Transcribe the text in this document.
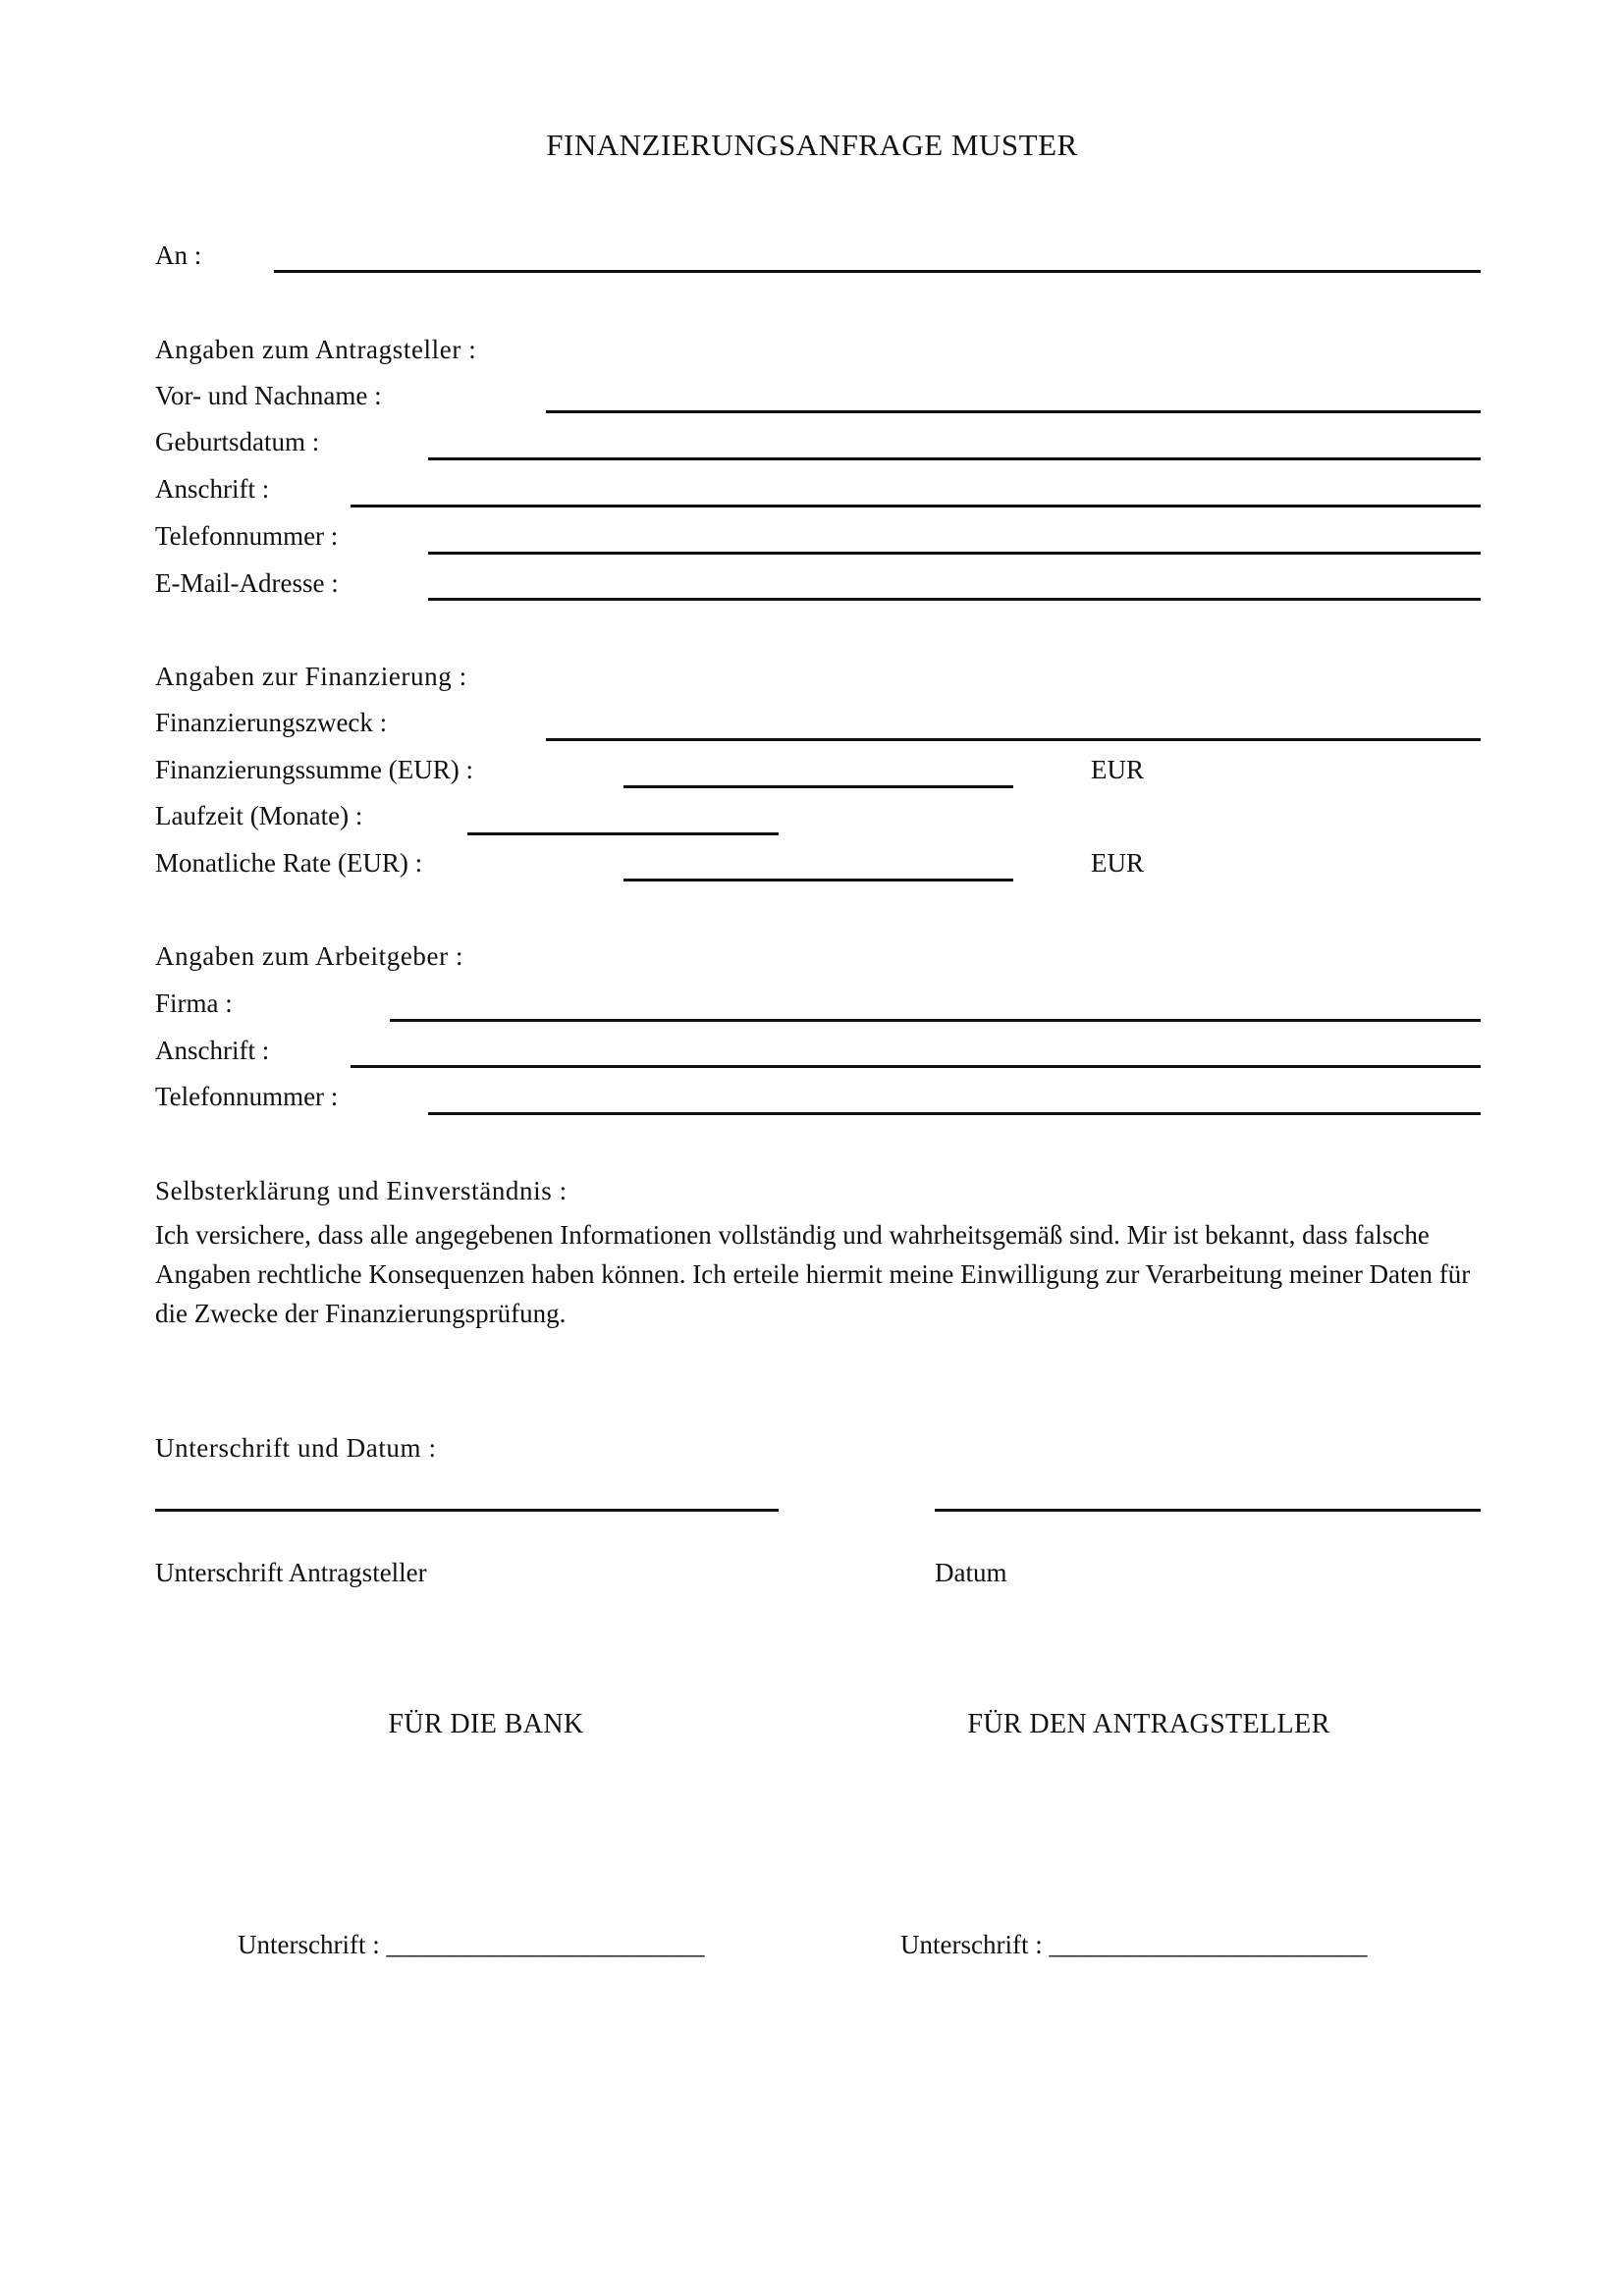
FINANZIERUNGSANFRAGE MUSTER
An :
Angaben zum Antragsteller :
Vor- und Nachname :
Geburtsdatum :
Anschrift :
Telefonnummer :
E-Mail-Adresse :
Angaben zur Finanzierung :
Finanzierungszweck :
Finanzierungssumme (EUR) :	EUR
Laufzeit (Monate) :
Monatliche Rate (EUR) :	EUR
Angaben zum Arbeitgeber :
Firma :
Anschrift :
Telefonnummer :
Selbsterklärung und Einverständnis :
Ich versichere, dass alle angegebenen Informationen vollständig und wahrheitsgemäß sind. Mir ist bekannt, dass falsche Angaben rechtliche Konsequenzen haben können. Ich erteile hiermit meine Einwilligung zur Verarbeitung meiner Daten für die Zwecke der Finanzierungsprüfung.
Unterschrift und Datum :
Unterschrift Antragsteller	Datum
FÜR DIE BANK	FÜR DEN ANTRAGSTELLER
Unterschrift : ________________________	Unterschrift : ________________________
